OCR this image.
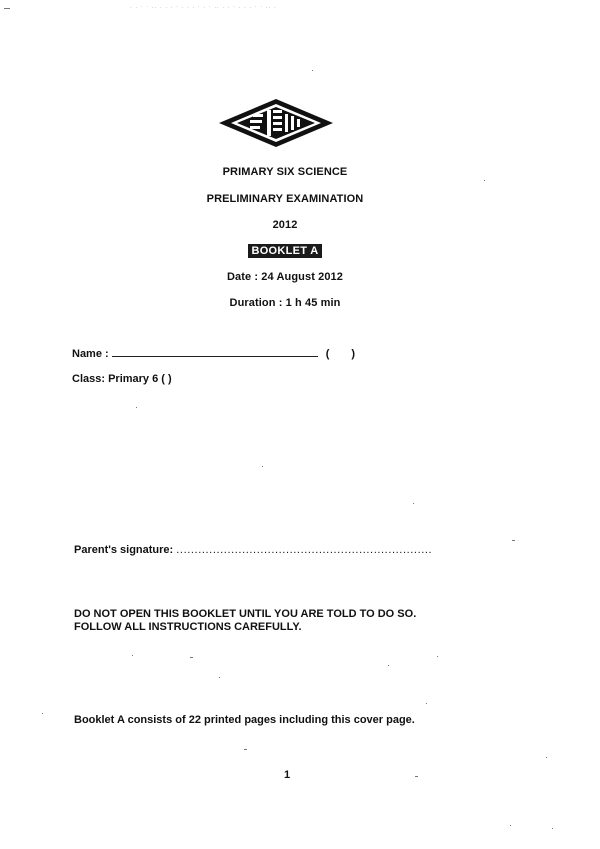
. . · · .. . . . · . . . · . · .. . . · . . . · · .. .
PRIMARY SIX SCIENCE
PRELIMINARY EXAMINATION
2012
BOOKLET A
Date : 24 August 2012
Duration : 1 h 45 min
Name :	( )
Class: Primary 6 ( )
Parent's signature: ......................................................................
DO NOT OPEN THIS BOOKLET UNTIL YOU ARE TOLD TO DO SO.
FOLLOW ALL INSTRUCTIONS CAREFULLY.
Booklet A consists of 22 printed pages including this cover page.
1
